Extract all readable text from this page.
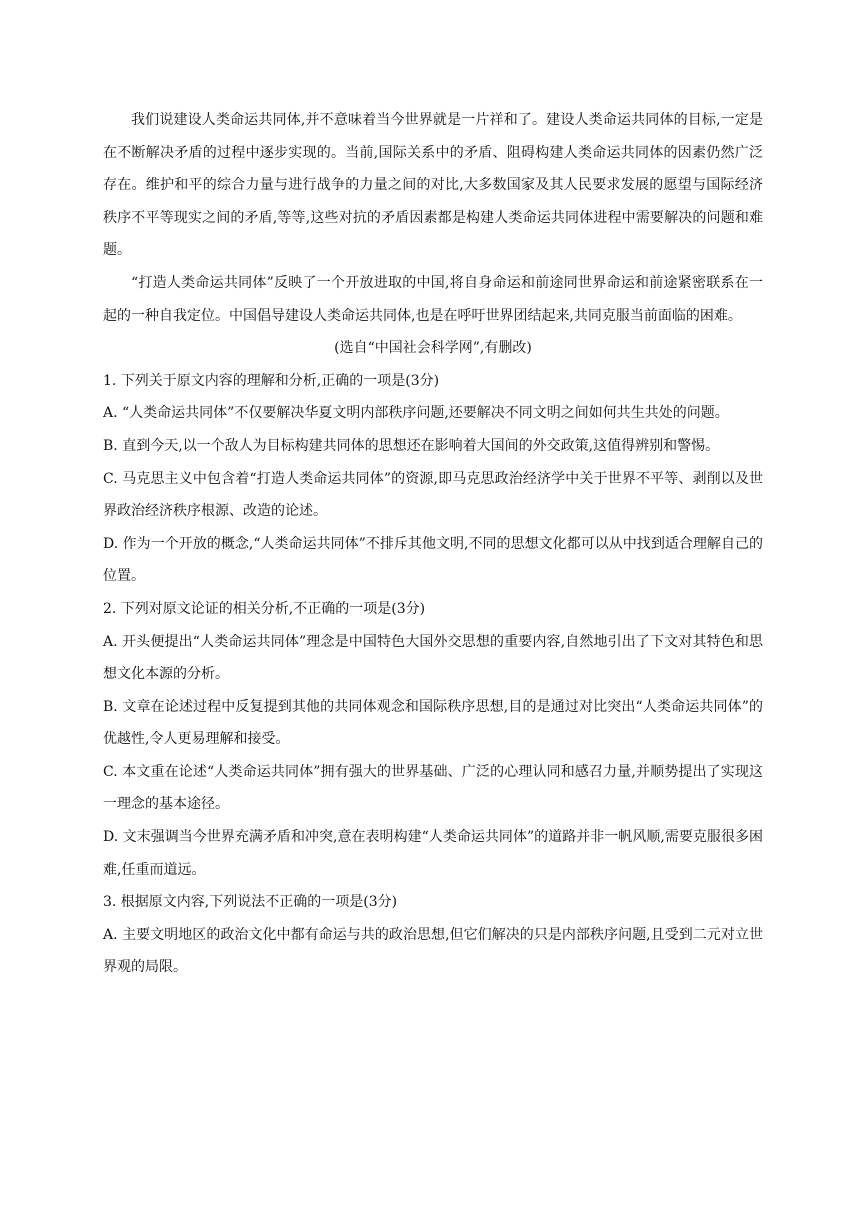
我们说建设人类命运共同体,并不意味着当今世界就是一片祥和了。建设人类命运共同体的目标,一定是在不断解决矛盾的过程中逐步实现的。当前,国际关系中的矛盾、阻碍构建人类命运共同体的因素仍然广泛存在。维护和平的综合力量与进行战争的力量之间的对比,大多数国家及其人民要求发展的愿望与国际经济秩序不平等现实之间的矛盾,等等,这些对抗的矛盾因素都是构建人类命运共同体进程中需要解决的问题和难题。

“打造人类命运共同体”反映了一个开放进取的中国,将自身命运和前途同世界命运和前途紧密联系在一起的一种自我定位。中国倡导建设人类命运共同体,也是在呼吁世界团结起来,共同克服当前面临的困难。

(选自“中国社会科学网”,有删改)

1. 下列关于原文内容的理解和分析,正确的一项是(3分)

A. “人类命运共同体”不仅要解决华夏文明内部秩序问题,还要解决不同文明之间如何共生共处的问题。

B. 直到今天,以一个敌人为目标构建共同体的思想还在影响着大国间的外交政策,这值得辨别和警惕。

C. 马克思主义中包含着“打造人类命运共同体”的资源,即马克思政治经济学中关于世界不平等、剥削以及世界政治经济秩序根源、改造的论述。

D. 作为一个开放的概念,“人类命运共同体”不排斥其他文明,不同的思想文化都可以从中找到适合理解自己的位置。

2. 下列对原文论证的相关分析,不正确的一项是(3分)

A. 开头便提出“人类命运共同体”理念是中国特色大国外交思想的重要内容,自然地引出了下文对其特色和思想文化本源的分析。

B. 文章在论述过程中反复提到其他的共同体观念和国际秩序思想,目的是通过对比突出“人类命运共同体”的优越性,令人更易理解和接受。

C. 本文重在论述“人类命运共同体”拥有强大的世界基础、广泛的心理认同和感召力量,并顺势提出了实现这一理念的基本途径。

D. 文末强调当今世界充满矛盾和冲突,意在表明构建“人类命运共同体”的道路并非一帆风顺,需要克服很多困难,任重而道远。

3. 根据原文内容,下列说法不正确的一项是(3分)

A. 主要文明地区的政治文化中都有命运与共的政治思想,但它们解决的只是内部秩序问题,且受到二元对立世界观的局限。
